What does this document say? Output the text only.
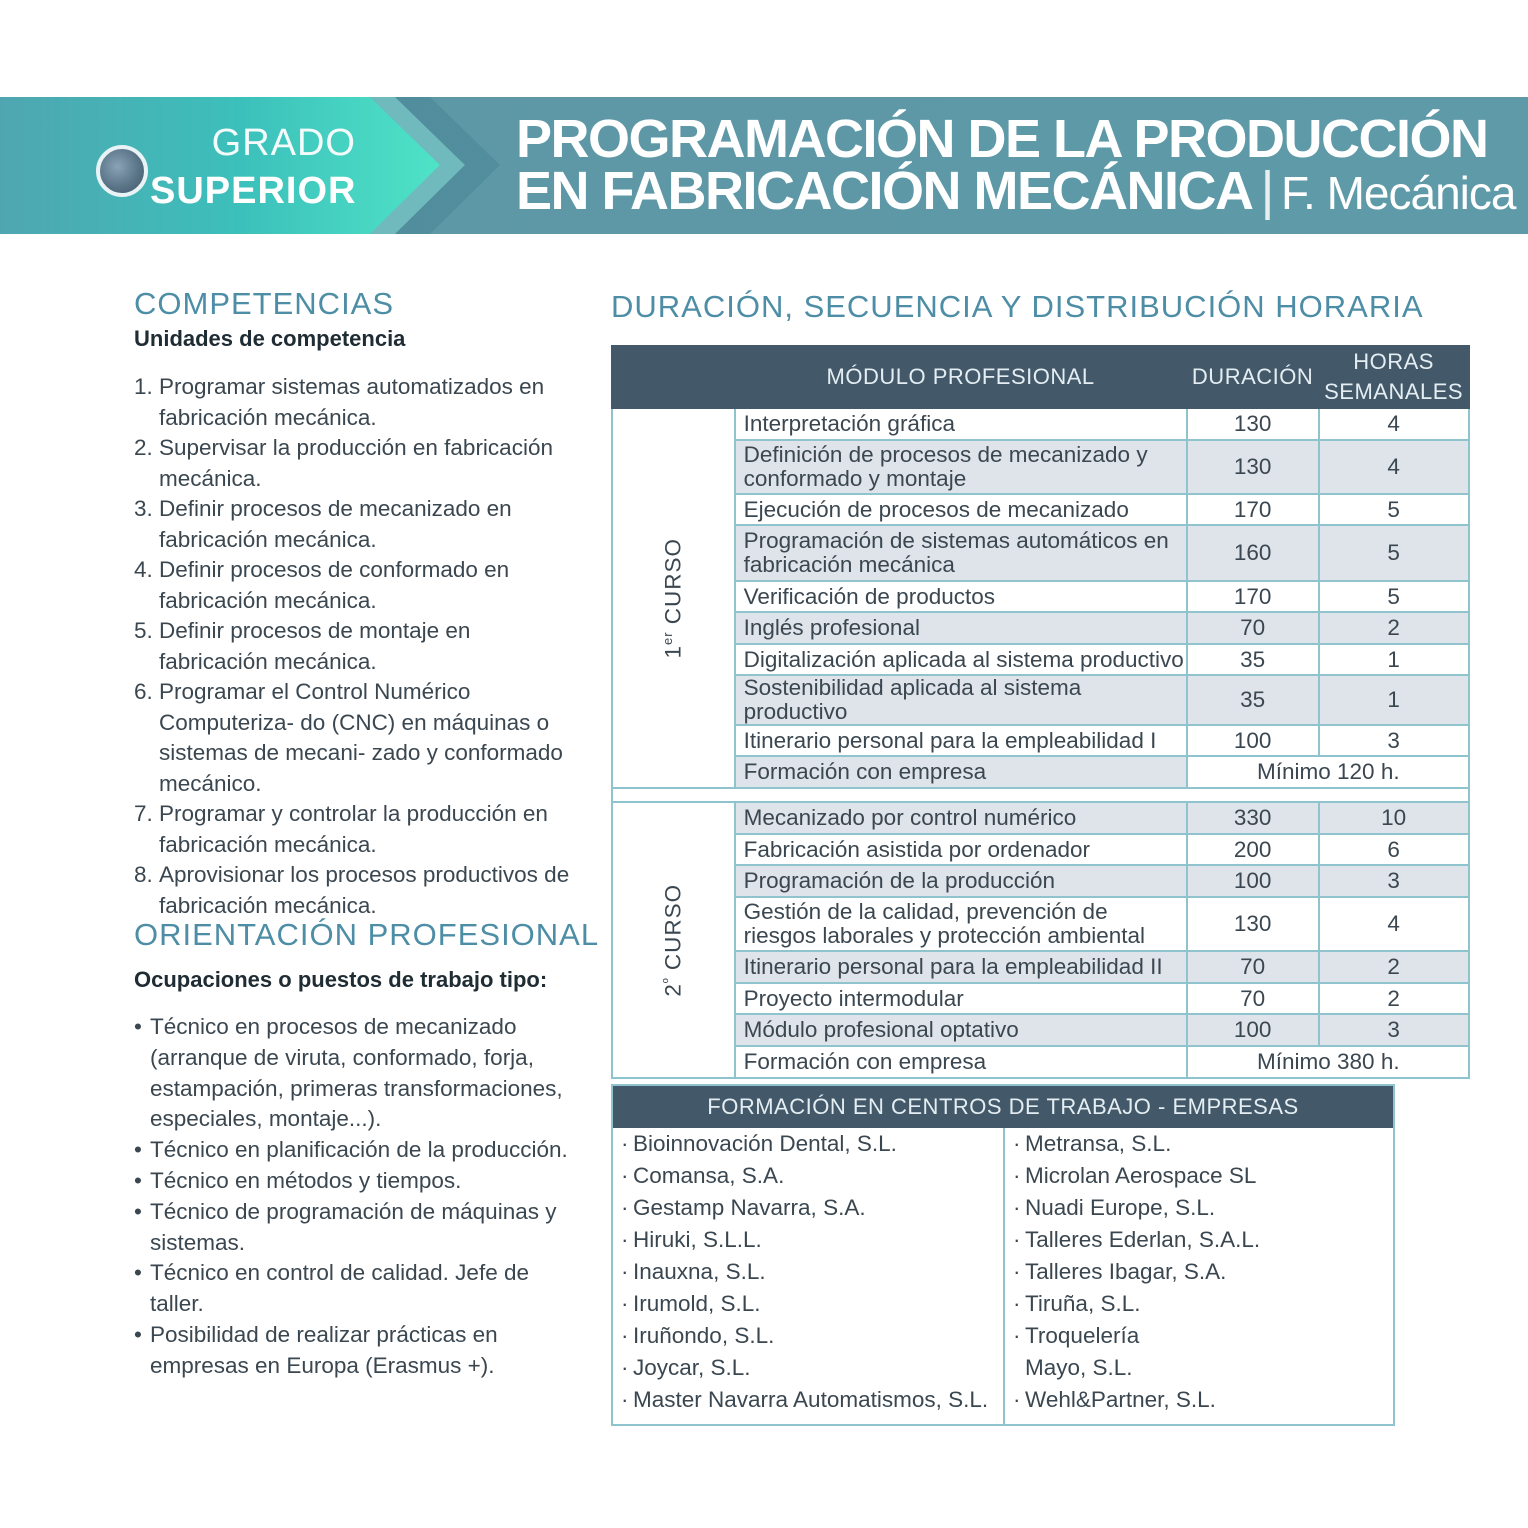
GRADO
SUPERIOR
PROGRAMACIÓN DE LA PRODUCCIÓN
EN FABRICACIÓN MECÁNICA | F. Mecánica
COMPETENCIAS
Unidades de competencia
1. Programar sistemas automatizados en fabricación mecánica.
2. Supervisar la producción en fabricación mecánica.
3. Definir procesos de mecanizado en fabricación mecánica.
4. Definir procesos de conformado en fabricación mecánica.
5. Definir procesos de montaje en fabricación mecánica.
6. Programar el Control Numérico Computeriza- do (CNC) en máquinas o sistemas de mecani- zado y conformado mecánico.
7. Programar y controlar la producción en fabricación mecánica.
8. Aprovisionar los procesos productivos de fabricación mecánica.
ORIENTACIÓN PROFESIONAL
Ocupaciones o puestos de trabajo tipo:
• Técnico en procesos de mecanizado (arranque de viruta, conformado, forja, estampación, primeras transformaciones, especiales, montaje...).
• Técnico en planificación de la producción.
• Técnico en métodos y tiempos.
• Técnico de programación de máquinas y sistemas.
• Técnico en control de calidad. Jefe de taller.
• Posibilidad de realizar prácticas en empresas en Europa (Erasmus +).
DURACIÓN, SECUENCIA Y DISTRIBUCIÓN HORARIA
	MÓDULO PROFESIONAL	DURACIÓN	HORAS SEMANALES
1er CURSO	Interpretación gráfica	130	4
	Definición de procesos de mecanizado y conformado y montaje	130	4
	Ejecución de procesos de mecanizado	170	5
	Programación de sistemas automáticos en fabricación mecánica	160	5
	Verificación de productos	170	5
	Inglés profesional	70	2
	Digitalización aplicada al sistema productivo	35	1
	Sostenibilidad aplicada al sistema productivo	35	1
	Itinerario personal para la empleabilidad I	100	3
	Formación con empresa	Mínimo 120 h.	

$2^º$ CURSO	Mecanizado por control numérico	330	10
	Fabricación asistida por ordenador	200	6
	Programación de la producción	100	3
	Gestión de la calidad, prevención de riesgos laborales y protección ambiental	130	4
	Itinerario personal para la empleabilidad II	70	2
	Proyecto intermodular	70	2
	Módulo profesional optativo	100	3
	Formación con empresa	Mínimo 380 h.	
FORMACIÓN EN CENTROS DE TRABAJO - EMPRESAS
· Bioinnovación Dental, S.L.
· Comansa, S.A.
· Gestamp Navarra, S.A.
· Hiruki, S.L.L.
· Inauxna, S.L.
· Irumold, S.L.
· Iruñondo, S.L.
· Joycar, S.L.
· Master Navarra Automatismos, S.L.
· Metransa, S.L.
· Microlan Aerospace SL
· Nuadi Europe, S.L.
· Talleres Ederlan, S.A.L.
· Talleres Ibagar, S.A.
· Tiruña, S.L.
· Troquelería
Mayo, S.L.
· Wehl&Partner, S.L.
